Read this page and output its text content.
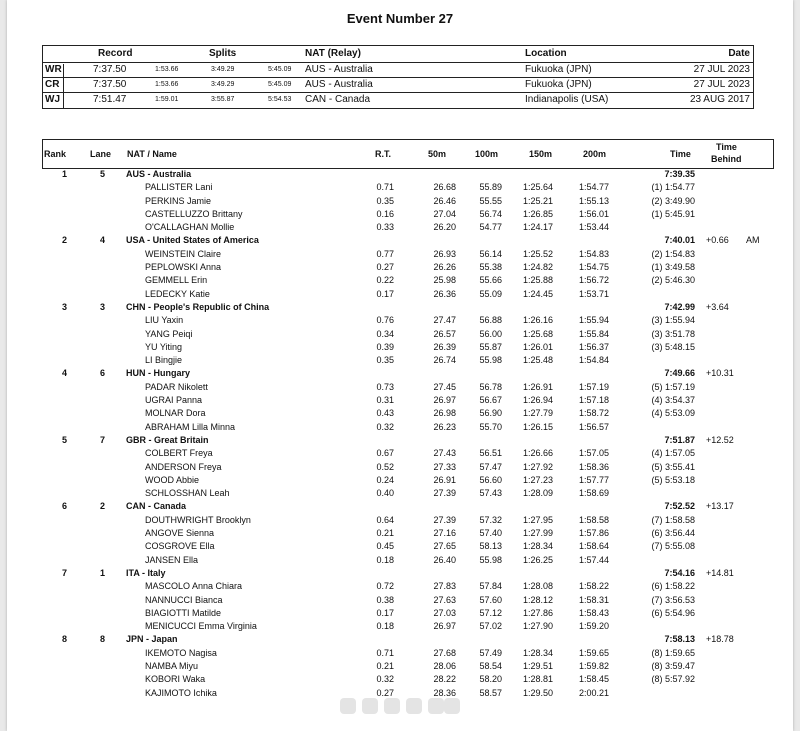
Event Number 27
Record	Splits	NAT (Relay)	Location	Date
WR	7:37.50	1:53.66	3:49.29	5:45.09 AUS - Australia	Fukuoka (JPN)	27 JUL 2023
CR	7:37.50	1:53.66	3:49.29	5:45.09 AUS - Australia	Fukuoka (JPN)	27 JUL 2023
WJ	7:51.47	1:59.01	3:55.87	5:54.53 CAN - Canada	Indianapolis (USA)	23 AUG 2017
Rank	Lane NAT / Name	R.T.	50m	100m	150m	200m	Time
Time
Behind
1	5 AUS - Australia	7:39.35
PALLISTER Lani	0.71	26.68	55.89	1:25.64	1:54.77	(1) 1:54.77
PERKINS Jamie	0.35	26.46	55.55	1:25.21	1:55.13	(2) 3:49.90
CASTELLUZZO Brittany	0.16	27.04	56.74	1:26.85	1:56.01	(1) 5:45.91
O'CALLAGHAN Mollie	0.33	26.20	54.77	1:24.17	1:53.44
2	4 USA - United States of America	7:40.01 +0.66 AM
WEINSTEIN Claire	0.77	26.93	56.14	1:25.52	1:54.83	(2) 1:54.83
PEPLOWSKI Anna	0.27	26.26	55.38	1:24.82	1:54.75	(1) 3:49.58
GEMMELL Erin	0.22	25.98	55.66	1:25.88	1:56.72	(2) 5:46.30
LEDECKY Katie	0.17	26.36	55.09	1:24.45	1:53.71
3	3 CHN - People's Republic of China	7:42.99 +3.64
LIU Yaxin	0.76	27.47	56.88	1:26.16	1:55.94	(3) 1:55.94
YANG Peiqi	0.34	26.57	56.00	1:25.68	1:55.84	(3) 3:51.78
YU Yiting	0.39	26.39	55.87	1:26.01	1:56.37	(3) 5:48.15
LI Bingjie	0.35	26.74	55.98	1:25.48	1:54.84
4	6 HUN - Hungary	7:49.66 +10.31
PADAR Nikolett	0.73	27.45	56.78	1:26.91	1:57.19	(5) 1:57.19
UGRAI Panna	0.31	26.97	56.67	1:26.94	1:57.18	(4) 3:54.37
MOLNAR Dora	0.43	26.98	56.90	1:27.79	1:58.72	(4) 5:53.09
ABRAHAM Lilla Minna	0.32	26.23	55.70	1:26.15	1:56.57
5	7 GBR - Great Britain	7:51.87 +12.52
COLBERT Freya	0.67	27.43	56.51	1:26.66	1:57.05	(4) 1:57.05
ANDERSON Freya	0.52	27.33	57.47	1:27.92	1:58.36	(5) 3:55.41
WOOD Abbie	0.24	26.91	56.60	1:27.23	1:57.77	(5) 5:53.18
SCHLOSSHAN Leah	0.40	27.39	57.43	1:28.09	1:58.69
6	2 CAN - Canada	7:52.52 +13.17
DOUTHWRIGHT Brooklyn	0.64	27.39	57.32	1:27.95	1:58.58	(7) 1:58.58
ANGOVE Sienna	0.21	27.16	57.40	1:27.99	1:57.86	(6) 3:56.44
COSGROVE Ella	0.45	27.65	58.13	1:28.34	1:58.64	(7) 5:55.08
JANSEN Ella	0.18	26.40	55.98	1:26.25	1:57.44
7	1 ITA - Italy	7:54.16 +14.81
MASCOLO Anna Chiara	0.72	27.83	57.84	1:28.08	1:58.22	(6) 1:58.22
NANNUCCI Bianca	0.38	27.63	57.60	1:28.12	1:58.31	(7) 3:56.53
BIAGIOTTI Matilde	0.17	27.03	57.12	1:27.86	1:58.43	(6) 5:54.96
MENICUCCI Emma Virginia	0.18	26.97	57.02	1:27.90	1:59.20
8	8 JPN - Japan	7:58.13 +18.78
IKEMOTO Nagisa	0.71	27.68	57.49	1:28.34	1:59.65	(8) 1:59.65
NAMBA Miyu	0.21	28.06	58.54	1:29.51	1:59.82	(8) 3:59.47
KOBORI Waka	0.32	28.22	58.20	1:28.81	1:58.45	(8) 5:57.92
KAJIMOTO Ichika	0.27	28.36	58.57	1:29.50	2:00.21
